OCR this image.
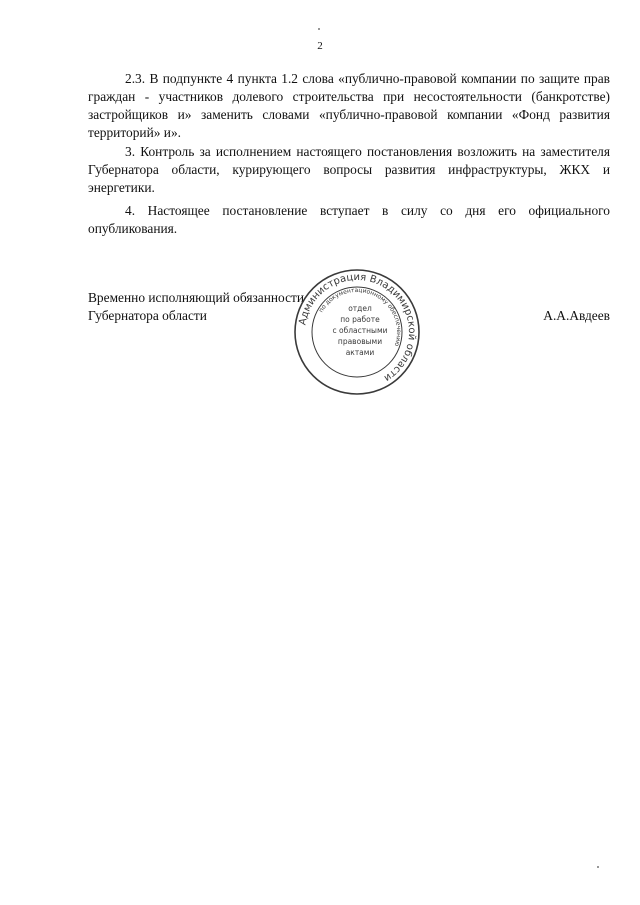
2

2.3. В подпункте 4 пункта 1.2 слова «публично-правовой компании по защите прав граждан - участников долевого строительства при несостоятельности (банкротстве) застройщиков и» заменить словами «публично-правовой компании «Фонд развития территорий» и».

3. Контроль за исполнением настоящего постановления возложить на заместителя Губернатора области, курирующего вопросы развития инфраструктуры, ЖКХ и энергетики.

4. Настоящее постановление вступает в силу со дня его официального опубликования.

Временно исполняющий обязанности
Губернатора области	А.А.Авдеев
Администрация Владимирской области
по документационному обеспечению
отдел
по работе
с областными
правовыми
актами
